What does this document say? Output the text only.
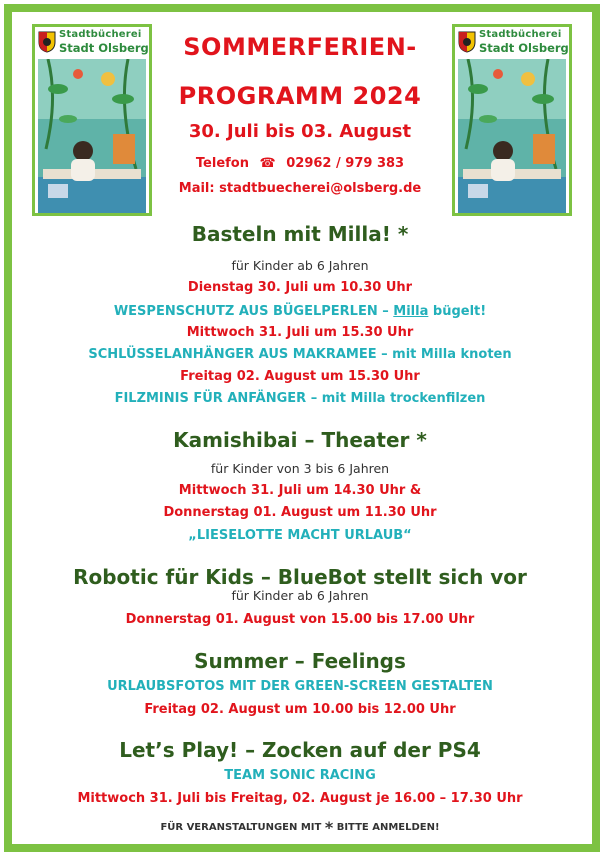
Stadtbücherei
Stadt Olsberg
Stadtbücherei
Stadt Olsberg
SOMMERFERIEN-
PROGRAMM 2024
30. Juli bis 03. August
Telefon ☎ 02962 / 979 383
Mail: stadtbuecherei@olsberg.de
Basteln mit Milla! *
für Kinder ab 6 Jahren
Dienstag 30. Juli um 10.30 Uhr
WESPENSCHUTZ AUS BÜGELPERLEN – Milla bügelt!
Mittwoch 31. Juli um 15.30 Uhr
SCHLÜSSELANHÄNGER AUS MAKRAMEE – mit Milla knoten
Freitag 02. August um 15.30 Uhr
FILZMINIS FÜR ANFÄNGER – mit Milla trockenfilzen
Kamishibai – Theater *
für Kinder von 3 bis 6 Jahren
Mittwoch 31. Juli um 14.30 Uhr &
Donnerstag 01. August um 11.30 Uhr
„LIESELOTTE MACHT URLAUB“
Robotic für Kids – BlueBot stellt sich vor
für Kinder ab 6 Jahren
Donnerstag 01. August von 15.00 bis 17.00 Uhr
Summer – Feelings
URLAUBSFOTOS MIT DER GREEN-SCREEN GESTALTEN
Freitag 02. August um 10.00 bis 12.00 Uhr
Let’s Play! – Zocken auf der PS4
TEAM SONIC RACING
Mittwoch 31. Juli bis Freitag, 02. August je 16.00 – 17.30 Uhr
FÜR VERANSTALTUNGEN MIT * BITTE ANMELDEN!
